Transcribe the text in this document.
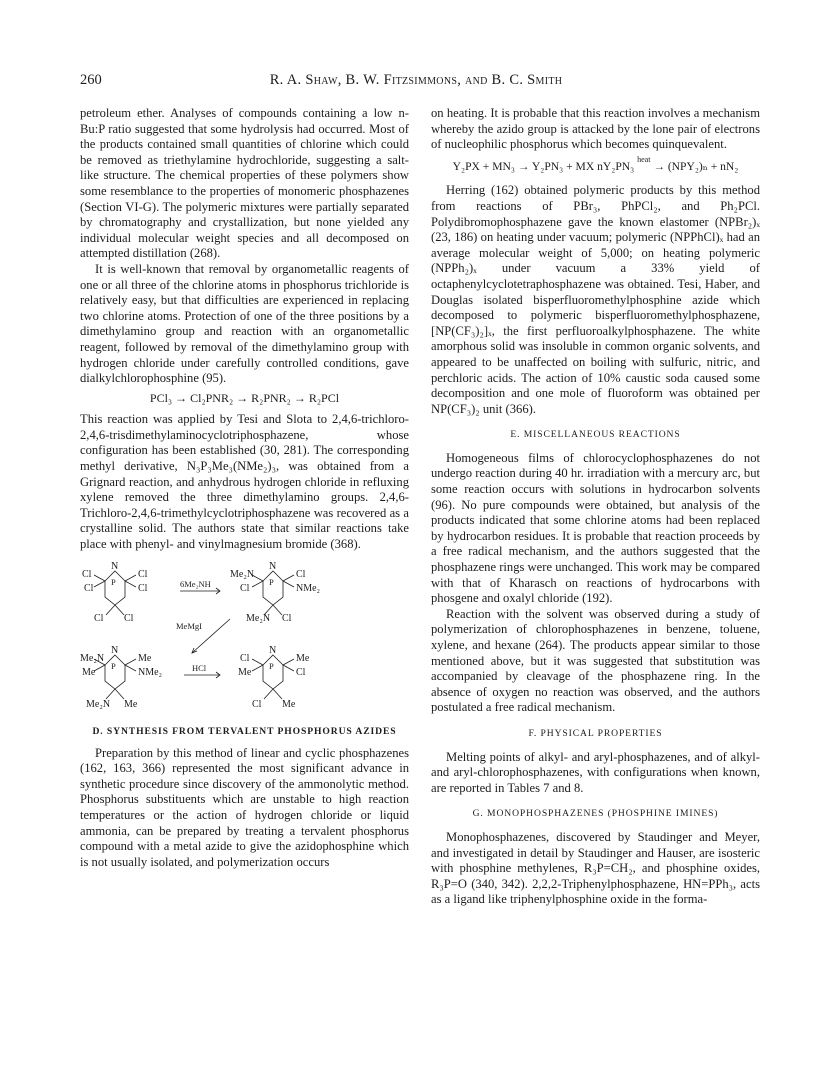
260	R. A. Shaw, B. W. Fitzsimmons, and B. C. Smith

petroleum ether. Analyses of compounds containing a low n-Bu:P ratio suggested that some hydrolysis had occurred. Most of the products contained small quantities of chlorine which could be removed as triethylamine hydrochloride, suggesting a salt-like structure. The chemical properties of these polymers show some resemblance to the properties of monomeric phosphazenes (Section VI-G). The polymeric mixtures were partially separated by chromatography and crystallization, but none yielded any individual molecular weight species and all decomposed on attempted distillation (268).

It is well-known that removal by organometallic reagents of one or all three of the chlorine atoms in phosphorus trichloride is relatively easy, but that difficulties are experienced in replacing two chlorine atoms. Protection of one of the three positions by a dimethylamino group and reaction with an organometallic reagent, followed by removal of the dimethylamino group with hydrogen chloride under carefully controlled conditions, gave dialkylchlorophosphine (95).

PCl₃ → Cl₂PNR₂ → R₂PNR₂ → R₂PCl

This reaction was applied by Tesi and Slota to 2,4,6-trichloro-2,4,6-trisdimethylaminocyclotriphosphazene, whose configuration has been established (30, 281). The corresponding methyl derivative, N₃P₃Me₃(NMe₂)₃, was obtained from a Grignard reaction, and anhydrous hydrogen chloride in refluxing xylene removed the three dimethylamino groups. 2,4,6-Trichloro-2,4,6-trimethylcyclotriphosphazene was recovered as a crystalline solid. The authors state that similar reactions take place with phenyl- and vinylmagnesium bromide (368).

Cl
Cl
N
Cl
Cl
Cl Cl
Me₂N
Cl
N
Cl
NMe₂
Me₂N Cl
Me₂N
Me
N
Me
NMe₂
Me₂N Me
Cl
Me
N
Me
Cl
Cl Me
6Me₂NH
MeMgI
HCl
P	P
P	P

D. SYNTHESIS FROM TERVALENT PHOSPHORUS AZIDES

Preparation by this method of linear and cyclic phosphazenes (162, 163, 366) represented the most significant advance in synthetic procedure since discovery of the ammonolytic method. Phosphorus substituents which are unstable to high reaction temperatures or the action of hydrogen chloride or liquid ammonia, can be prepared by treating a tervalent phosphorus compound with a metal azide to give the azidophosphine which is not usually isolated, and polymerization occurs

on heating. It is probable that this reaction involves a mechanism whereby the azido group is attacked by the lone pair of electrons of nucleophilic phosphorus which becomes quinquevalent.

Y₂PX + MN₃ → Y₂PN₃ + MX nY₂PN₃ $^{heat}$ → (NPY₂)ₙ + nN₂

Herring (162) obtained polymeric products by this method from reactions of PBr₃, PhPCl₂, and Ph₂PCl. Polydibromophosphazene gave the known elastomer (NPBr₂)ₓ (23, 186) on heating under vacuum; polymeric (NPPhCl)ₓ had an average molecular weight of 5,000; on heating polymeric (NPPh₂)ₓ under vacuum a 33% yield of octaphenylcyclotetraphosphazene was obtained. Tesi, Haber, and Douglas isolated bisperfluoromethylphosphine azide which decomposed to polymeric bisperfluoromethylphosphazene, [NP(CF₃)₂]ₓ, the first perfluoroalkylphosphazene. The white amorphous solid was insoluble in common organic solvents, and appeared to be unaffected on boiling with sulfuric, nitric, and perchloric acids. The action of 10% caustic soda caused some decomposition and one mole of fluoroform was obtained per NP(CF₃)₂ unit (366).

E. MISCELLANEOUS REACTIONS

Homogeneous films of chlorocyclophosphazenes do not undergo reaction during 40 hr. irradiation with a mercury arc, but some reaction occurs with solutions in hydrocarbon solvents (96). No pure compounds were obtained, but analysis of the products indicated that some chlorine atoms had been replaced by hydrocarbon residues. It is probable that reaction proceeds by a free radical mechanism, and the authors suggested that the phosphazene rings were unchanged. This work may be compared with that of Kharasch on reactions of hydrocarbons with phosgene and oxalyl chloride (192).

Reaction with the solvent was observed during a study of polymerization of chlorophosphazenes in benzene, toluene, xylene, and hexane (264). The products appear similar to those mentioned above, but it was suggested that substitution was accompanied by cleavage of the phosphazene ring. In the absence of oxygen no reaction was observed, and the authors postulated a free radical mechanism.

F. PHYSICAL PROPERTIES

Melting points of alkyl- and aryl-phosphazenes, and of alkyl- and aryl-chlorophosphazenes, with configurations when known, are reported in Tables 7 and 8.

G. MONOPHOSPHAZENES (PHOSPHINE IMINES)

Monophosphazenes, discovered by Staudinger and Meyer, and investigated in detail by Staudinger and Hauser, are isosteric with phosphine methylenes, R₃P=CH₂, and phosphine oxides, R₃P=O (340, 342). 2,2,2-Triphenylphosphazene, HN=PPh₃, acts as a ligand like triphenylphosphine oxide in the forma-
